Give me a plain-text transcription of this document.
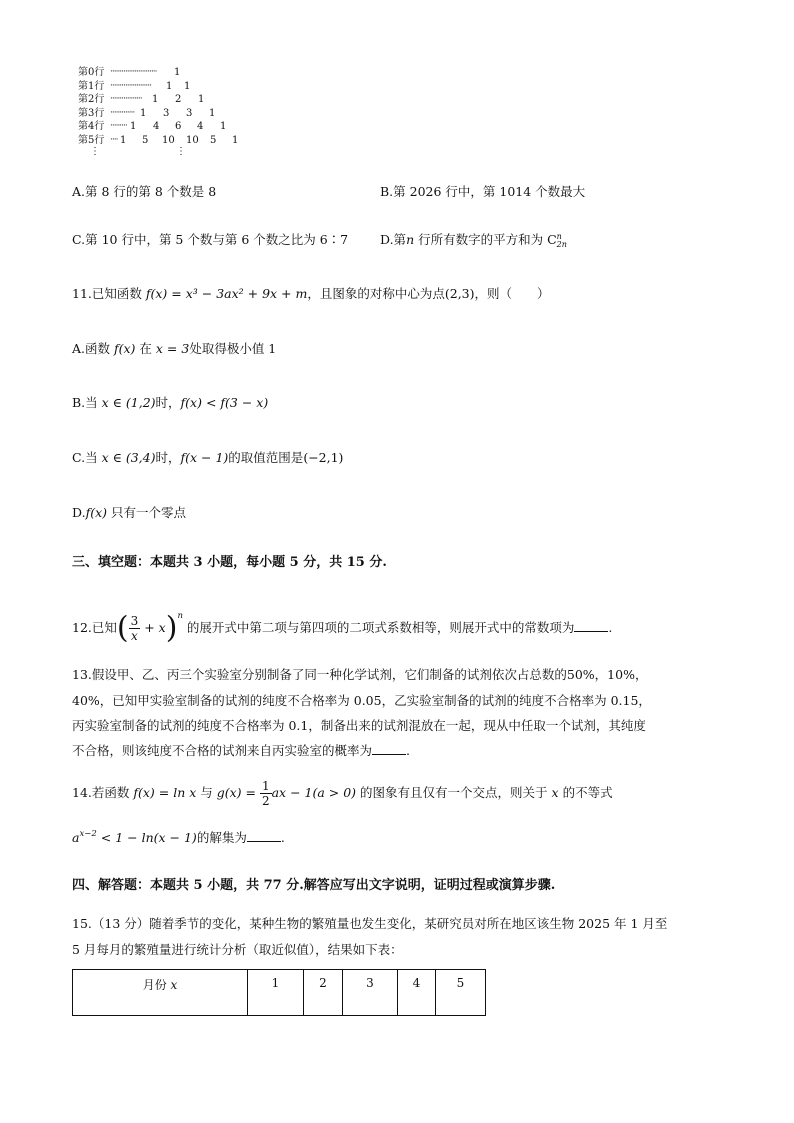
第0行 ························· 1
第1行 ······················ 1 1
第2行 ················· 1 2 1
第3行 ············· 1 3 3 1
第4行 ········· 1 4 6 4 1
第5行 ···· 1 5 10 10 5 1
⋮	⋮
A.第 8 行的第 8 个数是 8	B.第 2026 行中，第 1014 个数最大
C.第 10 行中，第 5 个数与第 6 个数之比为 6∶7	D.第n 行所有数字的平方和为 C n
2n
11.已知函数 f(x) = x³ − 3ax² + 9x + m，且图象的对称中心为点(2,3)，则（　　）
A.函数 f(x) 在 x = 3处取得极小值 1
B.当 x ∈ (1,2)时，f(x) < f(3 − x)
C.当 x ∈ (3,4)时，f(x − 1)的取值范围是(−2,1)
D.f(x) 只有一个零点
三、填空题：本题共 3 小题，每小题 5 分，共 15 分.
12.已知( $\frac{3}{x} + x)^n$ 的展开式中第二项与第四项的二项式系数相等，则展开式中的常数项为	.
13.假设甲、乙、丙三个实验室分别制备了同一种化学试剂，它们制备的试剂依次占总数的50%，10%，
40%，已知甲实验室制备的试剂的纯度不合格率为 0.05，乙实验室制备的试剂的纯度不合格率为 0.15，
丙实验室制备的试剂的纯度不合格率为 0.1，制备出来的试剂混放在一起，现从中任取一个试剂，其纯度
不合格，则该纯度不合格的试剂来自丙实验室的概率为	.
14.若函数 f(x) = ln x 与 $g(x) = \frac{1}{2}$ ax − 1(a > 0) 的图象有且仅有一个交点，则关于 x 的不等式
$a^{x-2} < 1 - \ln(x - 1)$的解集为	.
四、解答题：本题共 5 小题，共 77 分.解答应写出文字说明，证明过程或演算步骤.
15.（13 分）随着季节的变化，某种生物的繁殖量也发生变化，某研究员对所在地区该生物 2025 年 1 月至
5 月每月的繁殖量进行统计分析（取近似值），结果如下表：
月份 x	1	2	3	4	5
